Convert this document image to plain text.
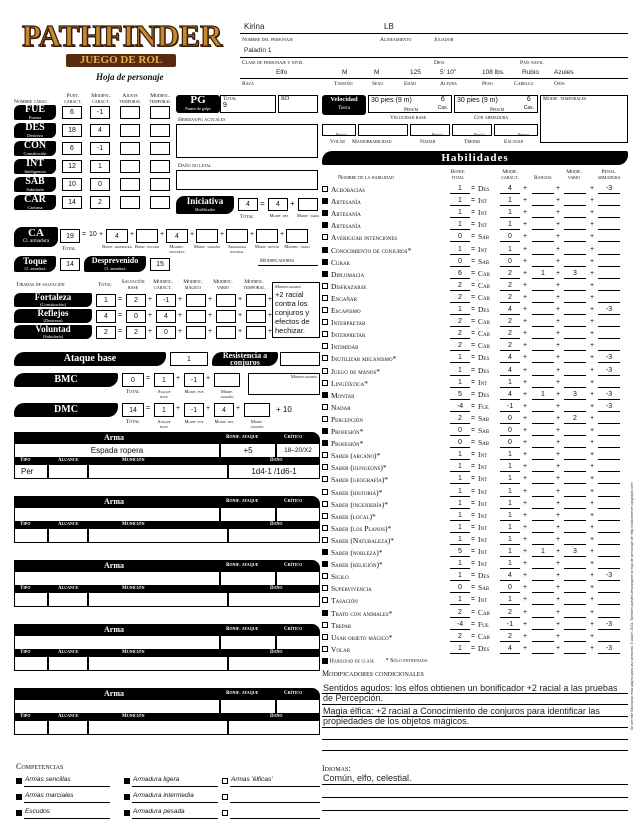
PATHFINDER
JUEGO DE ROL
Hoja de personaje
Kirina	LB
Nombre del personaje	Alineamiento	Jugador
Paladín 1
Clase de personaje y nivel	Dios	País natal
Elfo	M	M	125	5' 10"	108 lbs.	Rubio Azules
Raza	Tamaño	Sexo	Edad	Altura	Peso	Cabello	Ojos
Nombre carac.
Punt. caract.
Modific. caract.
Ajuste temporal
Modific. temporal
FUE
Fuerza
6	-1
DES
Destreza
18	4
CON
Constitución
6	-1
INT
Inteligencia
12	1
SAB
Sabiduría
10	0
CAR
Carisma
14	2
PG
Puntos de golpe
Total
9
RD
Heridas/pg actuales
Daño no letal
Velocidad
Tierra
30 pies (9 m)	6
Cas.
30 pies (9 m)	6
Cas.
Modif. temporales
Pies/m	Pies/m
Velocidad base	Con armadura
Pies/m	Pies/m	Pies/m	Pies/m
Volar Maniobrabilidad	Nadar	Trepar	Excavar
Iniciativa
Modificador
4	=	4	+
Total	Modif. des	Modif. vario
CA
Cl. armadura
19	= 10 +	4	+
Bonif. armadura
+
Bonif. escudo
4	+
Modific. destreza
+
Modif. tamaño
+
Armadura natural
+
Modif. desvío	Modific. vario
Total
Modificadores
Toque
Cl. armadura
14	Desprevenido
Cl. armadura
15
Tiradas de salvación	Total Salvación base
Modific. caract.
Modific. mágico
Modific. vario
Modific. temporal
Fortaleza
(Constitución)
1	=	2	+	-1	+	+	+	+
Reflejos
(Destreza)
4	=	0	+	4	+	+	+	+
Voluntad
(Sabiduría)
2	=	2	+	0	+	+	+	+
Modificadores
+2 racial contra los conjuros y efectos de hechizar.
Ataque base	1	Resistencia a conjuros
BMC	0	=	1	+	-1	+	Modificadores
Total	Ataque base
Modif. fue	Modif. tamaño
DMC	14	=	1	+	-1	+	4	+	+ 10
Total	Ataque base
Modif. fue Modif. des	Modif. tamaño
Arma	Bonif. ataque	Crítico
Espada ropera	+5	18–20/X2
Tipo	Alcance	Munición	Daño
Per	1d4-1 /1d6-1
Arma	Bonif. ataque	Crítico
Tipo	Alcance	Munición	Daño
Arma	Bonif. ataque	Crítico
Tipo	Alcance	Munición	Daño
Arma	Bonif. ataque	Crítico
Tipo	Alcance	Munición	Daño
Arma	Bonif. ataque	Crítico
Tipo	Alcance	Munición	Daño
Habilidades
Nombre de la habilidad
Bonif. total
Modif. caract.	Rangos
Modif. vario
Penal. armadura
Acrobacias	1	= Des	4	+	+	+	-3
Artesanía	1	= Int	1	+	+	+
Artesanía	1	= Int	1	+	+	+
Artesanía	1	= Int	1	+	+	+
Averiguar intenciones	0	= Sab	0	+	+	+
Conocimiento de conjuros*	1	= Int	1	+	+	+
Curar	0	= Sab	0	+	+	+
Diplomacia	6	= Car	2	+	1	+	3	+
Disfrazarse	2	= Car	2	+	+	+
Engañar	2	= Car	2	+	+	+
Escapismo	1	= Des	4	+	+	+	-3
Interpretar	2	= Car	2	+	+	+
Interpretar	2	= Car	2	+	+	+
Intimidar	2	= Car	2	+	+	+
Inutilizar mecanismo*	1	= Des	4	+	+	+	-3
Juego de manos*	1	= Des	4	+	+	+	-3
Lingüística*	1	= Int	1	+	+	+
Montar	5	= Des	4	+	1	+	3	+	-3
Nadar	-4	= Fue	-1	+	+	+	-3
Percepción	2	= Sab	0	+	+	2	+
Profesión*	0	= Sab	0	+	+	+
Profesión*	0	= Sab	0	+	+	+
Saber (arcano)*	1	= Int	1	+	+	+
Saber (dungeons)*	1	= Int	1	+	+	+
Saber (geografía)*	1	= Int	1	+	+	+
Saber (historia)*	1	= Int	1	+	+	+
Saber (ingeniería)*	1	= Int	1	+	+	+
Saber (local)*	1	= Int	1	+	+	+
Saber (los Planos)*	1	= Int	1	+	+	+
Saber (Naturaleza)*	1	= Int	1	+	+	+
Saber (nobleza)*	5	= Int	1	+	1	+	3	+
Saber (religión)*	1	= Int	1	+	+	+
Sigilo	1	= Des	4	+	+	+	-3
Supervivencia	0	= Sab	0	+	+	+
Tasación	1	= Int	1	+	+	+
Trato con animales*	2	= Car	2	+	+	+
Trepar	-4	= Fue	-1	+	+	+	-3
Usar objeto mágico*	2	= Car	2	+	+	+
Volar	1	= Des	4	+	+	+	-3
Habilidad de clase * Sólo entrenada
Modificadores condicionales
Sentidos agudos: los elfos obtienen un bonificador +2 racial a las pruebas de Percepción.
Magia élfica: +2 racial a Conocimiento de conjuros para identificar las propiedades de los objetos mágicos.
Idiomas:
Común, elfo, celestial.
Competencias
Armas sencillas	Armadura ligera	Armas 'élficas'
Armas marciales	Armadura intermedia
Escudos	Armadura pesada
Se permite fotocopiar esta página para uso personal. © Adom 2011. También puedes descargarte la hoja de personaje de http://cubicleseven.blogspot.com/
